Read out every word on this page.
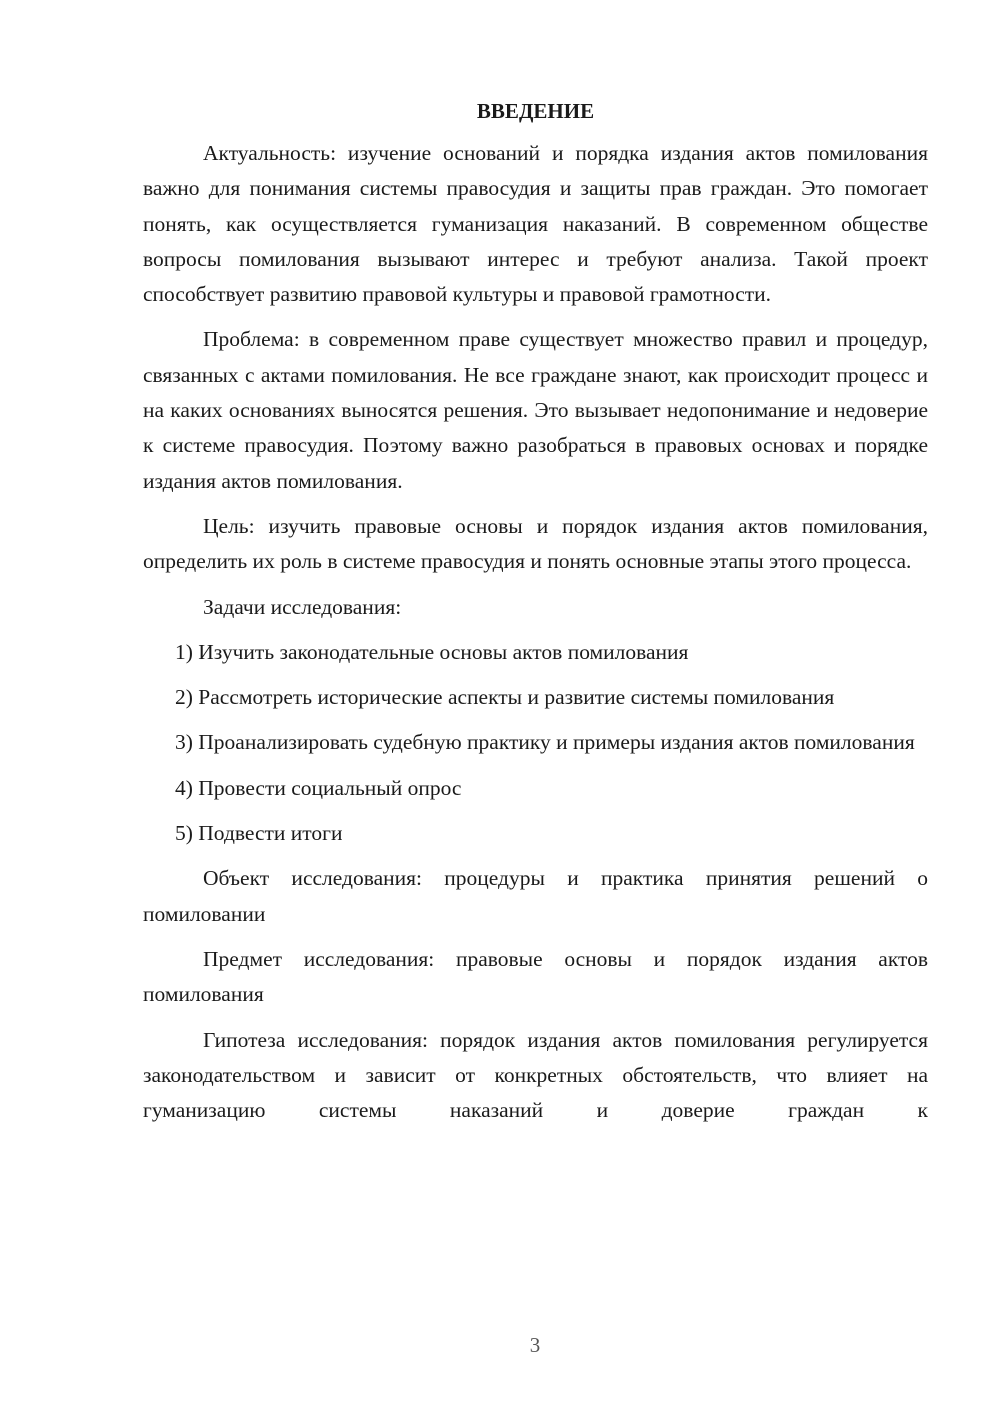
ВВЕДЕНИЕ

Актуальность: изучение оснований и порядка издания актов помилования важно для понимания системы правосудия и защиты прав граждан. Это помогает понять, как осуществляется гуманизация наказаний. В современном обществе вопросы помилования вызывают интерес и требуют анализа. Такой проект способствует развитию правовой культуры и правовой грамотности.

Проблема: в современном праве существует множество правил и процедур, связанных с актами помилования. Не все граждане знают, как происходит процесс и на каких основаниях выносятся решения. Это вызывает недопонимание и недоверие к системе правосудия. Поэтому важно разобраться в правовых основах и порядке издания актов помилования.

Цель: изучить правовые основы и порядок издания актов помилования, определить их роль в системе правосудия и понять основные этапы этого процесса.

Задачи исследования:

1) Изучить законодательные основы актов помилования

2) Рассмотреть исторические аспекты и развитие системы помилования

3) Проанализировать судебную практику и примеры издания актов помилования

4) Провести социальный опрос

5) Подвести итоги

Объект исследования: процедуры и практика принятия решений о помиловании

Предмет исследования: правовые основы и порядок издания актов помилования

Гипотеза исследования: порядок издания актов помилования регулируется законодательством и зависит от конкретных обстоятельств, что влияет на гуманизацию системы наказаний и доверие граждан к

3
